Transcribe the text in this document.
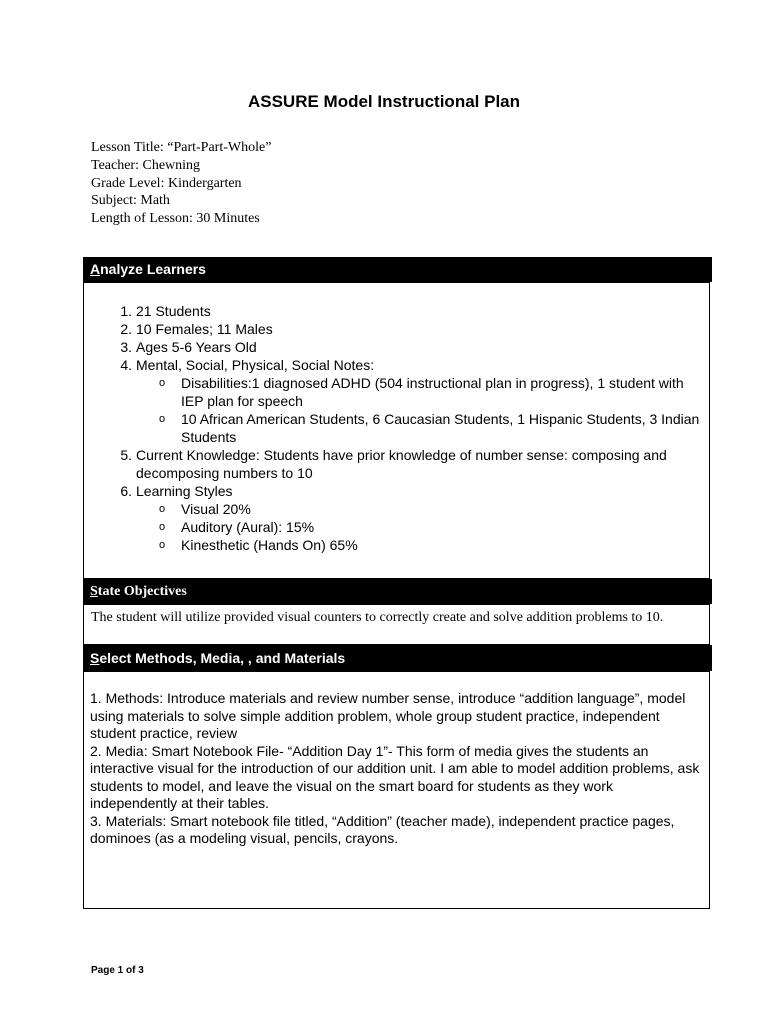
ASSURE Model Instructional Plan
Lesson Title: “Part-Part-Whole”
Teacher: Chewning
Grade Level: Kindergarten
Subject: Math
Length of Lesson: 30 Minutes
Analyze Learners
1. 21 Students
2. 10 Females; 11 Males
3. Ages 5-6 Years Old
4. Mental, Social, Physical, Social Notes:
o Disabilities:1 diagnosed ADHD (504 instructional plan in progress), 1 student with IEP plan for speech
o 10 African American Students, 6 Caucasian Students, 1 Hispanic Students, 3 Indian Students
5. Current Knowledge: Students have prior knowledge of number sense: composing and decomposing numbers to 10
6. Learning Styles
o Visual 20%
o Auditory (Aural): 15%
o Kinesthetic (Hands On) 65%
State Objectives
The student will utilize provided visual counters to correctly create and solve addition problems to 10.
Select Methods, Media, , and Materials
1. Methods: Introduce materials and review number sense, introduce “addition language”, model using materials to solve simple addition problem, whole group student practice, independent student practice, review
2. Media: Smart Notebook File- “Addition Day 1”- This form of media gives the students an interactive visual for the introduction of our addition unit. I am able to model addition problems, ask students to model, and leave the visual on the smart board for students as they work independently at their tables.
3. Materials: Smart notebook file titled, “Addition” (teacher made), independent practice pages, dominoes (as a modeling visual, pencils, crayons.
Page 1 of 3
